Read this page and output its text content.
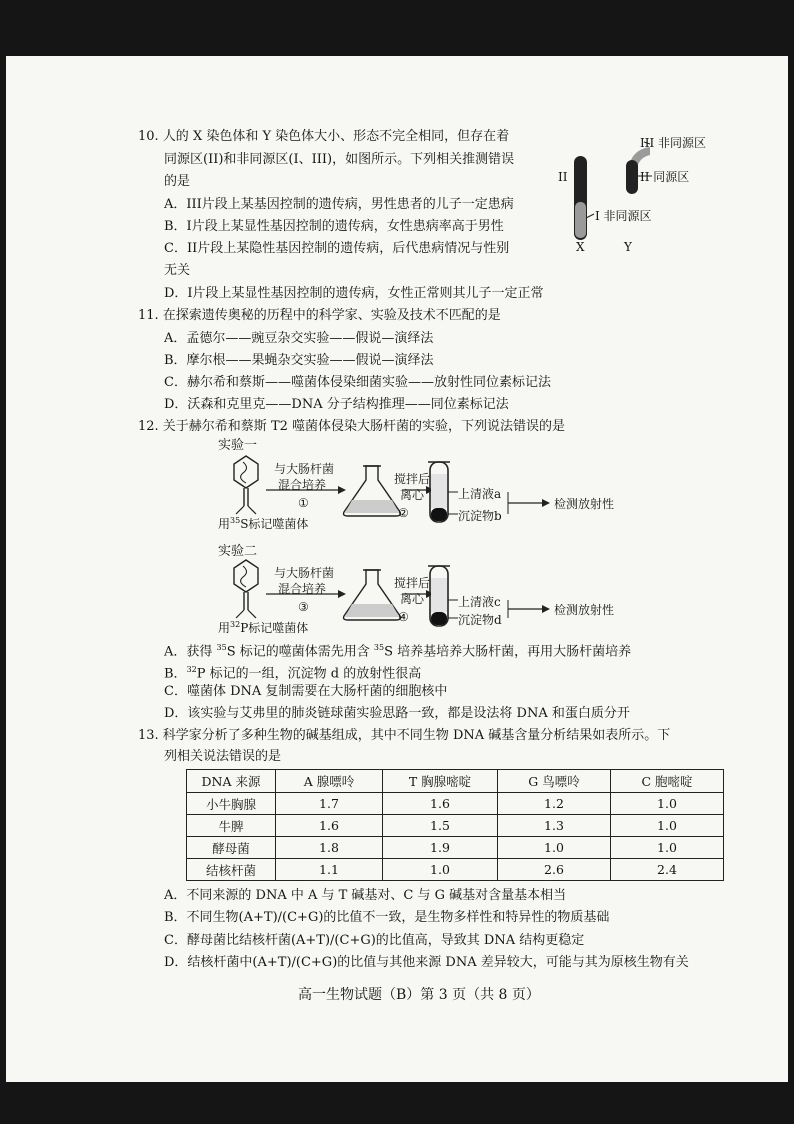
10. 人的 X 染色体和 Y 染色体大小、形态不完全相同，但存在着
同源区(II)和非同源区(I、III)，如图所示。下列相关推测错误
的是
A．III片段上某基因控制的遗传病，男性患者的儿子一定患病
B．I片段上某显性基因控制的遗传病，女性患病率高于男性
C．II片段上某隐性基因控制的遗传病，后代患病情况与性别
无关
D．I片段上某显性基因控制的遗传病，女性正常则其儿子一定正常
III 非同源区
II 同源区
II
I 非同源区
X	Y
11. 在探索遗传奥秘的历程中的科学家、实验及技术不匹配的是
A．孟德尔——豌豆杂交实验——假说—演绎法
B．摩尔根——果蝇杂交实验——假说—演绎法
C．赫尔希和蔡斯——噬菌体侵染细菌实验——放射性同位素标记法
D．沃森和克里克——DNA 分子结构推理——同位素标记法
12. 关于赫尔希和蔡斯 T2 噬菌体侵染大肠杆菌的实验，下列说法错误的是
实验一
与大肠杆菌
混合培养
①
搅拌后
离心
②
上清液a
沉淀物b
检测放射性
用$^{35}$S标记噬菌体
实验二
与大肠杆菌
混合培养
③
搅拌后
离心
④
上清液c
沉淀物d
检测放射性
用$^{32}$P标记噬菌体
A．获得 $^{35}$S 标记的噬菌体需先用含 $^{35}$S 培养基培养大肠杆菌，再用大肠杆菌培养
B．$^{32}$P 标记的一组，沉淀物 d 的放射性很高
C．噬菌体 DNA 复制需要在大肠杆菌的细胞核中
D．该实验与艾弗里的肺炎链球菌实验思路一致，都是设法将 DNA 和蛋白质分开
13. 科学家分析了多种生物的碱基组成，其中不同生物 DNA 碱基含量分析结果如表所示。下
列相关说法错误的是
DNA 来源	A 腺嘌呤	T 胸腺嘧啶	G 鸟嘌呤	C 胞嘧啶
小牛胸腺	1.7	1.6	1.2	1.0
牛脾	1.6	1.5	1.3	1.0
酵母菌	1.8	1.9	1.0	1.0
结核杆菌	1.1	1.0	2.6	2.4
A．不同来源的 DNA 中 A 与 T 碱基对、C 与 G 碱基对含量基本相当
B．不同生物(A+T)/(C+G)的比值不一致，是生物多样性和特异性的物质基础
C．酵母菌比结核杆菌(A+T)/(C+G)的比值高，导致其 DNA 结构更稳定
D．结核杆菌中(A+T)/(C+G)的比值与其他来源 DNA 差异较大，可能与其为原核生物有关
高一生物试题（B）第 3 页（共 8 页）
